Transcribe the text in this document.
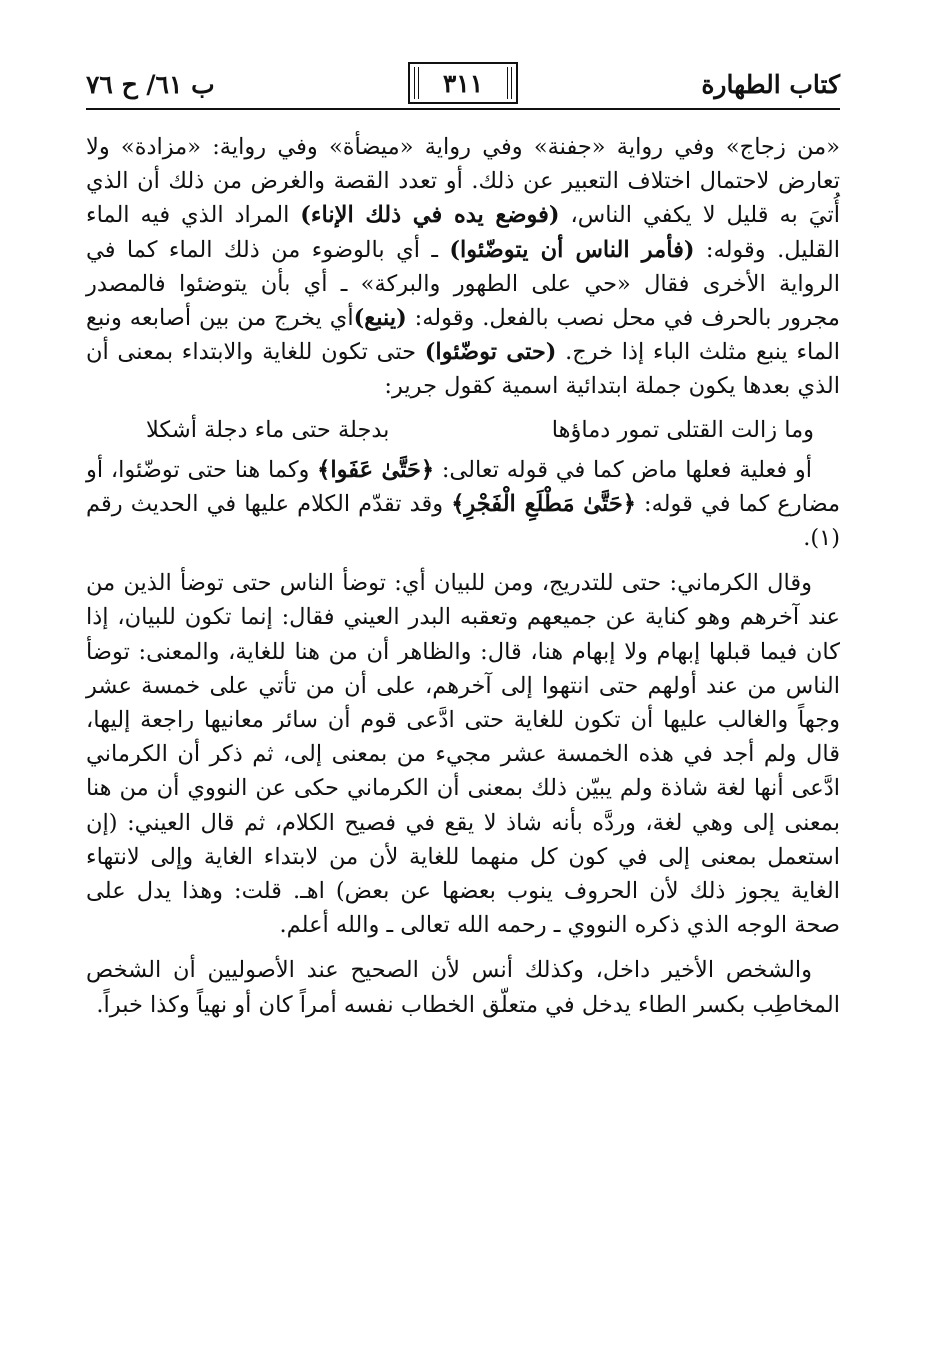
كتاب الطهارة
٣١١
ب ٦١/ ح ٧٦

«من زجاج» وفي رواية «جفنة» وفي رواية «ميضأة» وفي رواية: «مزادة» ولا تعارض لاحتمال اختلاف التعبير عن ذلك. أو تعدد القصة والغرض من ذلك أن الذي أُتيَ به قليل لا يكفي الناس، (فوضع يده في ذلك الإناء) المراد الذي فيه الماء القليل. وقوله: (فأمر الناس أن يتوضّئوا) ـ أي بالوضوء من ذلك الماء كما في الرواية الأخرى فقال «حي على الطهور والبركة» ـ أي بأن يتوضئوا فالمصدر مجرور بالحرف في محل نصب بالفعل. وقوله: (ينبع)أي يخرج من بين أصابعه ونبع الماء ينبع مثلث الباء إذا خرج. (حتى توضّئوا) حتى تكون للغاية والابتداء بمعنى أن الذي بعدها يكون جملة ابتدائية اسمية كقول جرير:

وما زالت القتلى تمور دماؤها
بدجلة حتى ماء دجلة أشكلا

أو فعلية فعلها ماض كما في قوله تعالى: ﴿حَتَّىٰ عَفَوا﴾ وكما هنا حتى توضّئوا، أو مضارع كما في قوله: ﴿حَتَّىٰ مَطْلَعِ الْفَجْرِ﴾ وقد تقدّم الكلام عليها في الحديث رقم (١).

وقال الكرماني: حتى للتدريج، ومن للبيان أي: توضأ الناس حتى توضأ الذين من عند آخرهم وهو كناية عن جميعهم وتعقبه البدر العيني فقال: إنما تكون للبيان، إذا كان فيما قبلها إبهام ولا إبهام هنا، قال: والظاهر أن من هنا للغاية، والمعنى: توضأ الناس من عند أولهم حتى انتهوا إلى آخرهم، على أن من تأتي على خمسة عشر وجهاً والغالب عليها أن تكون للغاية حتى ادَّعى قوم أن سائر معانيها راجعة إليها، قال ولم أجد في هذه الخمسة عشر مجيء من بمعنى إلى، ثم ذكر أن الكرماني ادَّعى أنها لغة شاذة ولم يبيّن ذلك بمعنى أن الكرماني حكى عن النووي أن من هنا بمعنى إلى وهي لغة، وردَّه بأنه شاذ لا يقع في فصيح الكلام، ثم قال العيني: (إن استعمل بمعنى إلى في كون كل منهما للغاية لأن من لابتداء الغاية وإلى لانتهاء الغاية يجوز ذلك لأن الحروف ينوب بعضها عن بعض) اهـ. قلت: وهذا يدل على صحة الوجه الذي ذكره النووي ـ رحمه الله تعالى ـ والله أعلم.

والشخص الأخير داخل، وكذلك أنس لأن الصحيح عند الأصوليين أن الشخص المخاطِب بكسر الطاء يدخل في متعلّق الخطاب نفسه أمراً كان أو نهياً وكذا خبراً.
